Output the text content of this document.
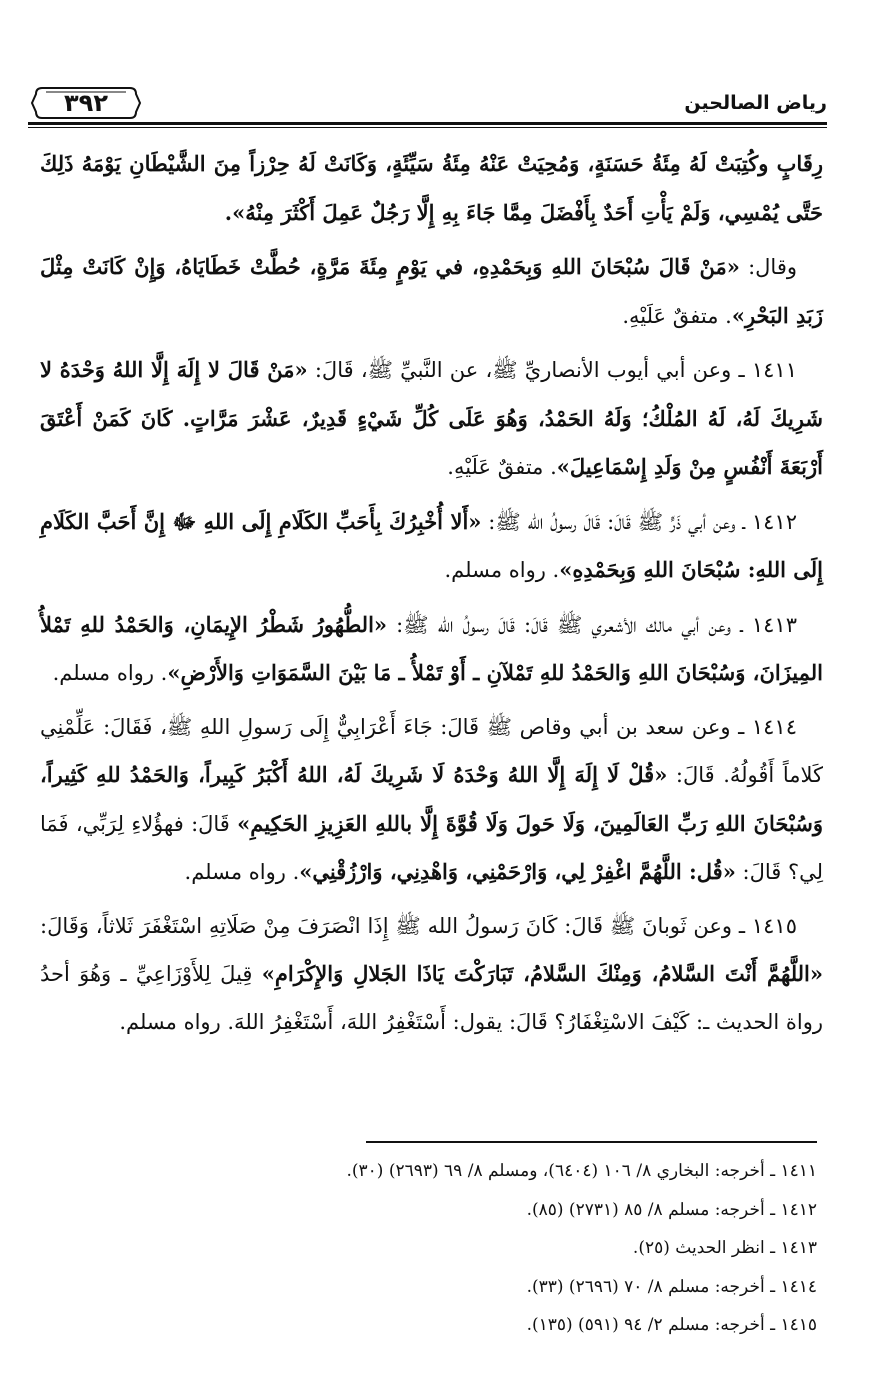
٣٩٢	رياض الصالحين

رِقَابٍ وكُتِبَتْ لَهُ مِئَةُ حَسَنَةٍ، وَمُحِيَتْ عَنْهُ مِئَةُ سَيِّئَةٍ، وَكَانَتْ لَهُ حِرْزاً مِنَ الشَّيْطَانِ يَوْمَهُ ذَلِكَ حَتَّى يُمْسِي، وَلَمْ يَأْتِ أَحَدٌ بِأَفْضَلَ مِمَّا جَاءَ بِهِ إِلَّا رَجُلٌ عَمِلَ أَكْثَرَ مِنْهُ».

وقال: «مَنْ قَالَ سُبْحَانَ اللهِ وَبِحَمْدِهِ، في يَوْمٍ مِئَةَ مَرَّةٍ، حُطَّتْ خَطَايَاهُ، وَإِنْ كَانَتْ مِثْلَ زَبَدِ البَحْرِ». متفقٌ عَلَيْهِ.

١٤١١ ـ وعن أبي أيوب الأنصاريِّ ﷺ، عن النَّبيِّ ﷺ، قَالَ: «مَنْ قَالَ لا إِلَهَ إِلَّا اللهُ وَحْدَهُ لا شَرِيكَ لَهُ، لَهُ المُلْكُ؛ وَلَهُ الحَمْدُ، وَهُوَ عَلَى كُلِّ شَيْءٍ قَدِيرٌ، عَشْرَ مَرَّاتٍ. كَانَ كَمَنْ أَعْتَقَ أَرْبَعَةَ أَنْفُسٍ مِنْ وَلَدِ إِسْمَاعِيلَ». متفقٌ عَلَيْهِ.

١٤١٢ ـ وعن أبي ذَرٍّ ﷺ قَالَ: قَالَ رسولُ الله ﷺ: «أَلا أُخْبِرُكَ بِأَحَبِّ الكَلَامِ إِلَى اللهِ ﷻ إِنَّ أَحَبَّ الكَلَامِ إِلَى اللهِ: سُبْحَانَ اللهِ وَبِحَمْدِهِ». رواه مسلم.

١٤١٣ ـ وعن أبي مالك الأشعري ﷺ قَالَ: قَالَ رسولُ الله ﷺ: «الطُّهُورُ شَطْرُ الإِيمَانِ، وَالحَمْدُ للهِ تَمْلأُ المِيزَانَ، وَسُبْحَانَ اللهِ وَالحَمْدُ للهِ تَمْلآنِ ـ أَوْ تَمْلأُ ـ مَا بَيْنَ السَّمَوَاتِ وَالأَرْضِ». رواه مسلم.

١٤١٤ ـ وعن سعد بن أبي وقاص ﷺ قَالَ: جَاءَ أَعْرَابِيٌّ إِلَى رَسولِ اللهِ ﷺ، فَقَالَ: عَلِّمْنِي كَلاماً أَقُولُهُ. قَالَ: «قُلْ لَا إِلَهَ إِلَّا اللهُ وَحْدَهُ لَا شَرِيكَ لَهُ، اللهُ أَكْبَرُ كَبِيراً، وَالحَمْدُ للهِ كَثِيراً، وَسُبْحَانَ اللهِ رَبِّ العَالَمِينَ، وَلَا حَولَ وَلَا قُوَّةَ إِلَّا باللهِ العَزِيزِ الحَكِيمِ» قَالَ: فهؤُلاءِ لِرَبِّي، فَمَا لِي؟ قَالَ: «قُل: اللَّهُمَّ اغْفِرْ لِي، وَارْحَمْنِي، وَاهْدِنِي، وَارْزُقْنِي». رواه مسلم.

١٤١٥ ـ وعن ثَوبانَ ﷺ قَالَ: كَانَ رَسولُ الله ﷺ إِذَا انْصَرَفَ مِنْ صَلَاتِهِ اسْتَغْفَرَ ثَلاثاً، وَقَالَ: «اللَّهُمَّ أَنْتَ السَّلامُ، وَمِنْكَ السَّلامُ، تَبَارَكْتَ يَاذَا الجَلالِ وَالإِكْرَامِ» قِيلَ لِلأَوْزَاعِيِّ ـ وَهُوَ أحدُ رواة الحديث ـ: كَيْفَ الاسْتِغْفَارُ؟ قَالَ: يقول: أَسْتَغْفِرُ اللهَ، أَسْتَغْفِرُ اللهَ. رواه مسلم.

١٤١١ ـ أخرجه: البخاري ٨/ ١٠٦ (٦٤٠٤)، ومسلم ٨/ ٦٩ (٢٦٩٣) (٣٠).
١٤١٢ ـ أخرجه: مسلم ٨/ ٨٥ (٢٧٣١) (٨٥).
١٤١٣ ـ انظر الحديث (٢٥).
١٤١٤ ـ أخرجه: مسلم ٨/ ٧٠ (٢٦٩٦) (٣٣).
١٤١٥ ـ أخرجه: مسلم ٢/ ٩٤ (٥٩١) (١٣٥).
